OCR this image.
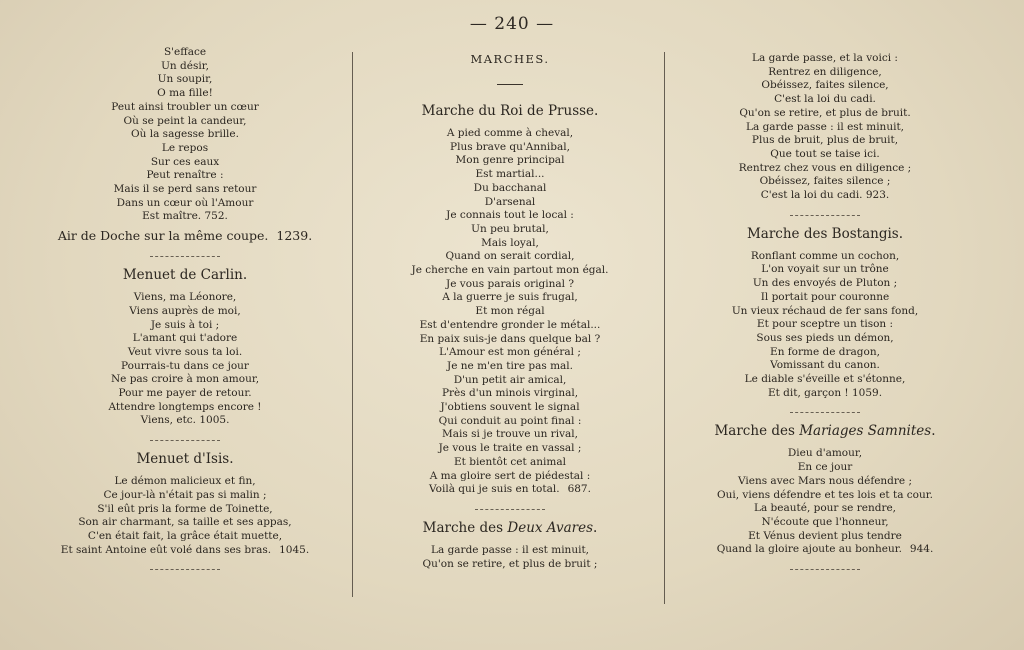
— 240 —
S'efface
Un désir,
Un soupir,
O ma fille!
Peut ainsi troubler un cœur
Où se peint la candeur,
Où la sagesse brille.
Le repos
Sur ces eaux
Peut renaître :
Mais il se perd sans retour
Dans un cœur où l'Amour
Est maître. 752.
Air de Doche sur la même coupe. 1239.
Menuet de Carlin.
Viens, ma Léonore,
Viens auprès de moi,
Je suis à toi ;
L'amant qui t'adore
Veut vivre sous ta loi.
Pourrais-tu dans ce jour
Ne pas croire à mon amour,
Pour me payer de retour.
Attendre longtemps encore !
Viens, etc. 1005.
Menuet d'Isis.
Le démon malicieux et fin,
Ce jour-là n'était pas si malin ;
S'il eût pris la forme de Toinette,
Son air charmant, sa taille et ses appas,
C'en était fait, la grâce était muette,
Et saint Antoine eût volé dans ses bras. 1045.
MARCHES.
Marche du Roi de Prusse.
A pied comme à cheval,
Plus brave qu'Annibal,
Mon genre principal
Est martial...
Du bacchanal
D'arsenal
Je connais tout le local :
Un peu brutal,
Mais loyal,
Quand on serait cordial,
Je cherche en vain partout mon égal.
Je vous parais original ?
A la guerre je suis frugal,
Et mon régal
Est d'entendre gronder le métal...
En paix suis-je dans quelque bal ?
L'Amour est mon général ;
Je ne m'en tire pas mal.
D'un petit air amical,
Près d'un minois virginal,
J'obtiens souvent le signal
Qui conduit au point final :
Mais si je trouve un rival,
Je vous le traite en vassal ;
Et bientôt cet animal
A ma gloire sert de piédestal :
Voilà qui je suis en total. 687.
Marche des Deux Avares.
La garde passe : il est minuit,
Qu'on se retire, et plus de bruit ;
La garde passe, et la voici :
Rentrez en diligence,
Obéissez, faites silence,
C'est la loi du cadi.
Qu'on se retire, et plus de bruit.
La garde passe : il est minuit,
Plus de bruit, plus de bruit,
Que tout se taise ici.
Rentrez chez vous en diligence ;
Obéissez, faites silence ;
C'est la loi du cadi. 923.
Marche des Bostangis.
Ronflant comme un cochon,
L'on voyait sur un trône
Un des envoyés de Pluton ;
Il portait pour couronne
Un vieux réchaud de fer sans fond,
Et pour sceptre un tison :
Sous ses pieds un démon,
En forme de dragon,
Vomissant du canon.
Le diable s'éveille et s'étonne,
Et dit, garçon ! 1059.
Marche des Mariages Samnites.
Dieu d'amour,
En ce jour
Viens avec Mars nous défendre ;
Oui, viens défendre et tes lois et ta cour.
La beauté, pour se rendre,
N'écoute que l'honneur,
Et Vénus devient plus tendre
Quand la gloire ajoute au bonheur. 944.
